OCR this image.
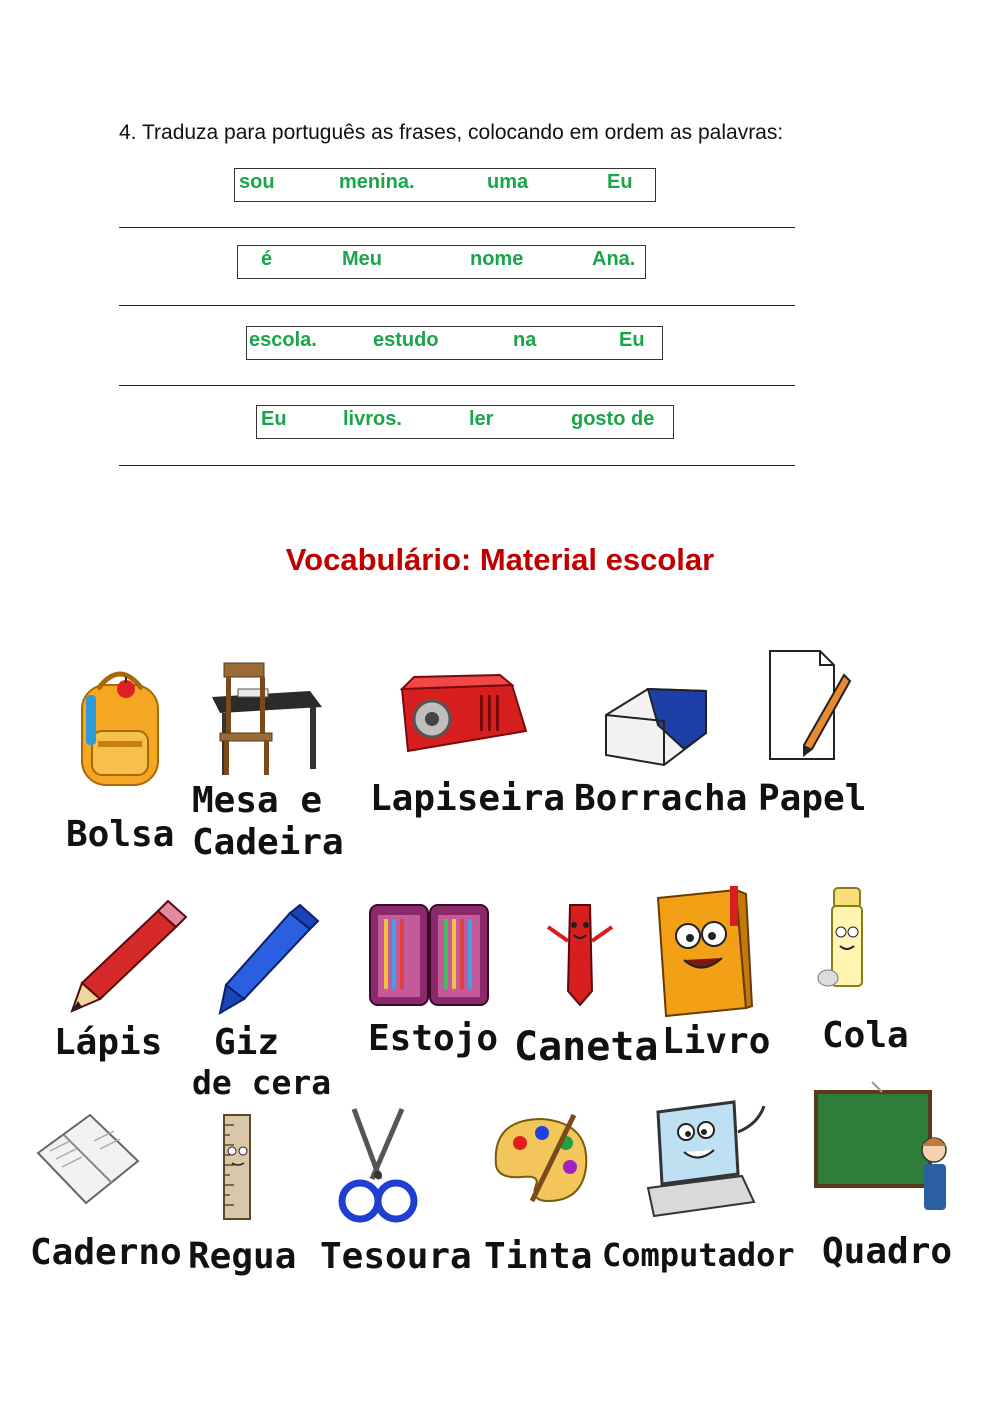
4. Traduza para português as frases, colocando em ordem as palavras:
sou	menina.	uma	Eu
é	Meu	nome	Ana.
escola.	estudo	na	Eu
Eu	livros.	ler	gosto de
Vocabulário: Material escolar
Bolsa
Mesa e
Cadeira
Lapiseira Borracha Papel
Lápis Giz
de cera
Estojo Caneta Livro Cola
Caderno Regua Tesoura Tinta Computador Quadro
